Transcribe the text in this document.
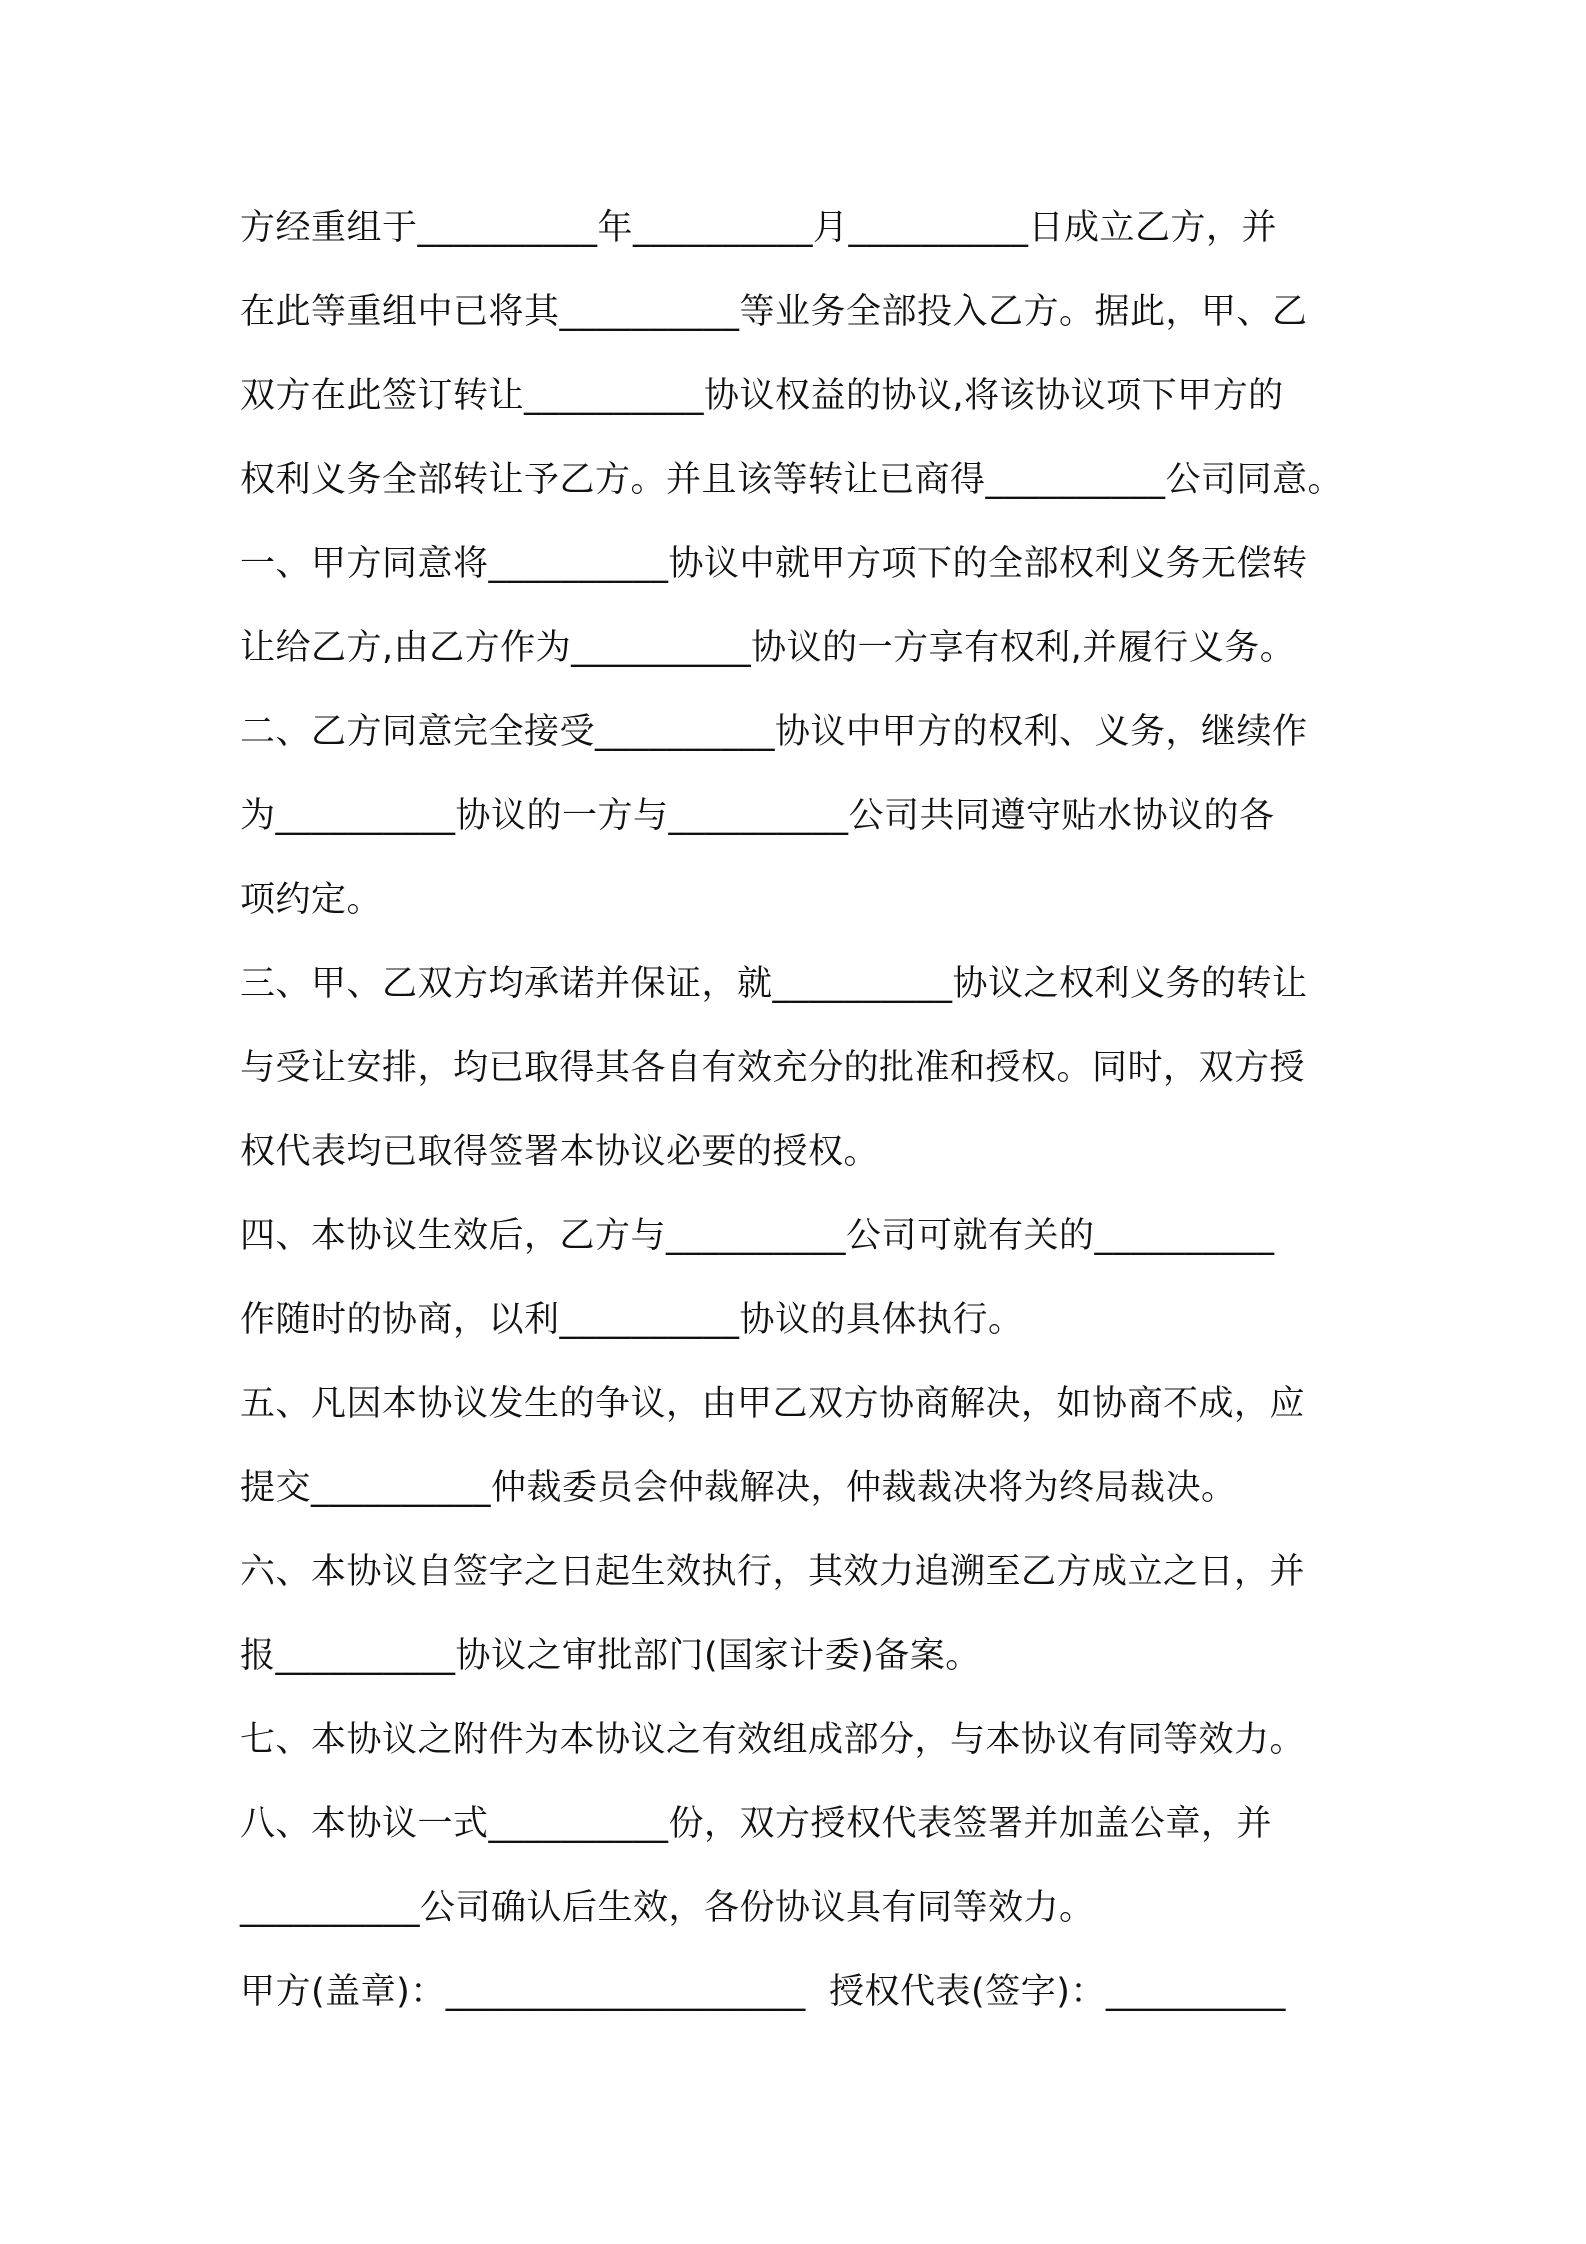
方经重组于__________年__________月__________日成立乙方，并
在此等重组中已将其__________等业务全部投入乙方。据此，甲、乙
双方在此签订转让__________协议权益的协议,将该协议项下甲方的
权利义务全部转让予乙方。并且该等转让已商得__________公司同意。
一、甲方同意将__________协议中就甲方项下的全部权利义务无偿转
让给乙方,由乙方作为__________协议的一方享有权利,并履行义务。
二、乙方同意完全接受__________协议中甲方的权利、义务，继续作
为__________协议的一方与__________公司共同遵守贴水协议的各
项约定。
三、甲、乙双方均承诺并保证，就__________协议之权利义务的转让
与受让安排，均已取得其各自有效充分的批准和授权。同时，双方授
权代表均已取得签署本协议必要的授权。
四、本协议生效后，乙方与__________公司可就有关的__________
作随时的协商，以利__________协议的具体执行。
五、凡因本协议发生的争议，由甲乙双方协商解决，如协商不成，应
提交__________仲裁委员会仲裁解决，仲裁裁决将为终局裁决。
六、本协议自签字之日起生效执行，其效力追溯至乙方成立之日，并
报__________协议之审批部门(国家计委)备案。
七、本协议之附件为本协议之有效组成部分，与本协议有同等效力。
八、本协议一式__________份，双方授权代表签署并加盖公章，并
__________公司确认后生效，各份协议具有同等效力。
甲方(盖章)：____________________  授权代表(签字)：__________
